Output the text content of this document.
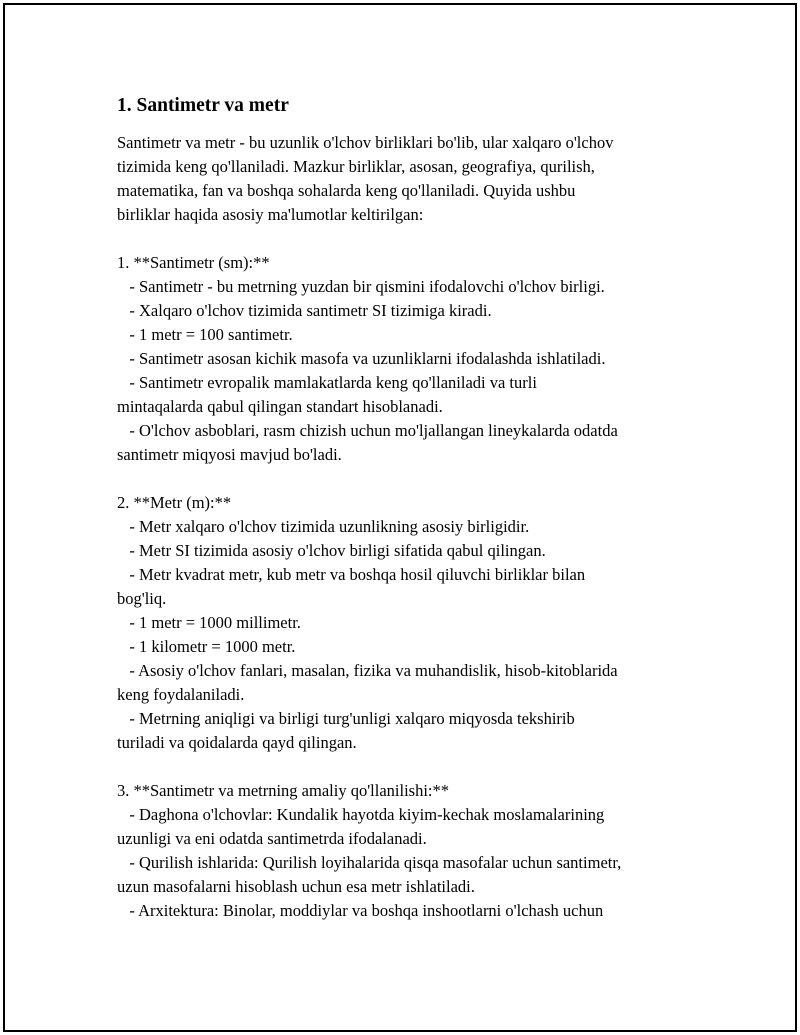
1. Santimetr va metr
Santimetr va metr - bu uzunlik o'lchov birliklari bo'lib, ular xalqaro o'lchov
tizimida keng qo'llaniladi. Mazkur birliklar, asosan, geografiya, qurilish,
matematika, fan va boshqa sohalarda keng qo'llaniladi. Quyida ushbu
birliklar haqida asosiy ma'lumotlar keltirilgan:
1. **Santimetr (sm):**
- Santimetr - bu metrning yuzdan bir qismini ifodalovchi o'lchov birligi.
- Xalqaro o'lchov tizimida santimetr SI tizimiga kiradi.
- 1 metr = 100 santimetr.
- Santimetr asosan kichik masofa va uzunliklarni ifodalashda ishlatiladi.
- Santimetr evropalik mamlakatlarda keng qo'llaniladi va turli
mintaqalarda qabul qilingan standart hisoblanadi.
- O'lchov asboblari, rasm chizish uchun mo'ljallangan lineykalarda odatda
santimetr miqyosi mavjud bo'ladi.
2. **Metr (m):**
- Metr xalqaro o'lchov tizimida uzunlikning asosiy birligidir.
- Metr SI tizimida asosiy o'lchov birligi sifatida qabul qilingan.
- Metr kvadrat metr, kub metr va boshqa hosil qiluvchi birliklar bilan
bog'liq.
- 1 metr = 1000 millimetr.
- 1 kilometr = 1000 metr.
- Asosiy o'lchov fanlari, masalan, fizika va muhandislik, hisob-kitoblarida
keng foydalaniladi.
- Metrning aniqligi va birligi turg'unligi xalqaro miqyosda tekshirib
turiladi va qoidalarda qayd qilingan.
3. **Santimetr va metrning amaliy qo'llanilishi:**
- Daghona o'lchovlar: Kundalik hayotda kiyim-kechak moslamalarining
uzunligi va eni odatda santimetrda ifodalanadi.
- Qurilish ishlarida: Qurilish loyihalarida qisqa masofalar uchun santimetr,
uzun masofalarni hisoblash uchun esa metr ishlatiladi.
- Arxitektura: Binolar, moddiylar va boshqa inshootlarni o'lchash uchun
